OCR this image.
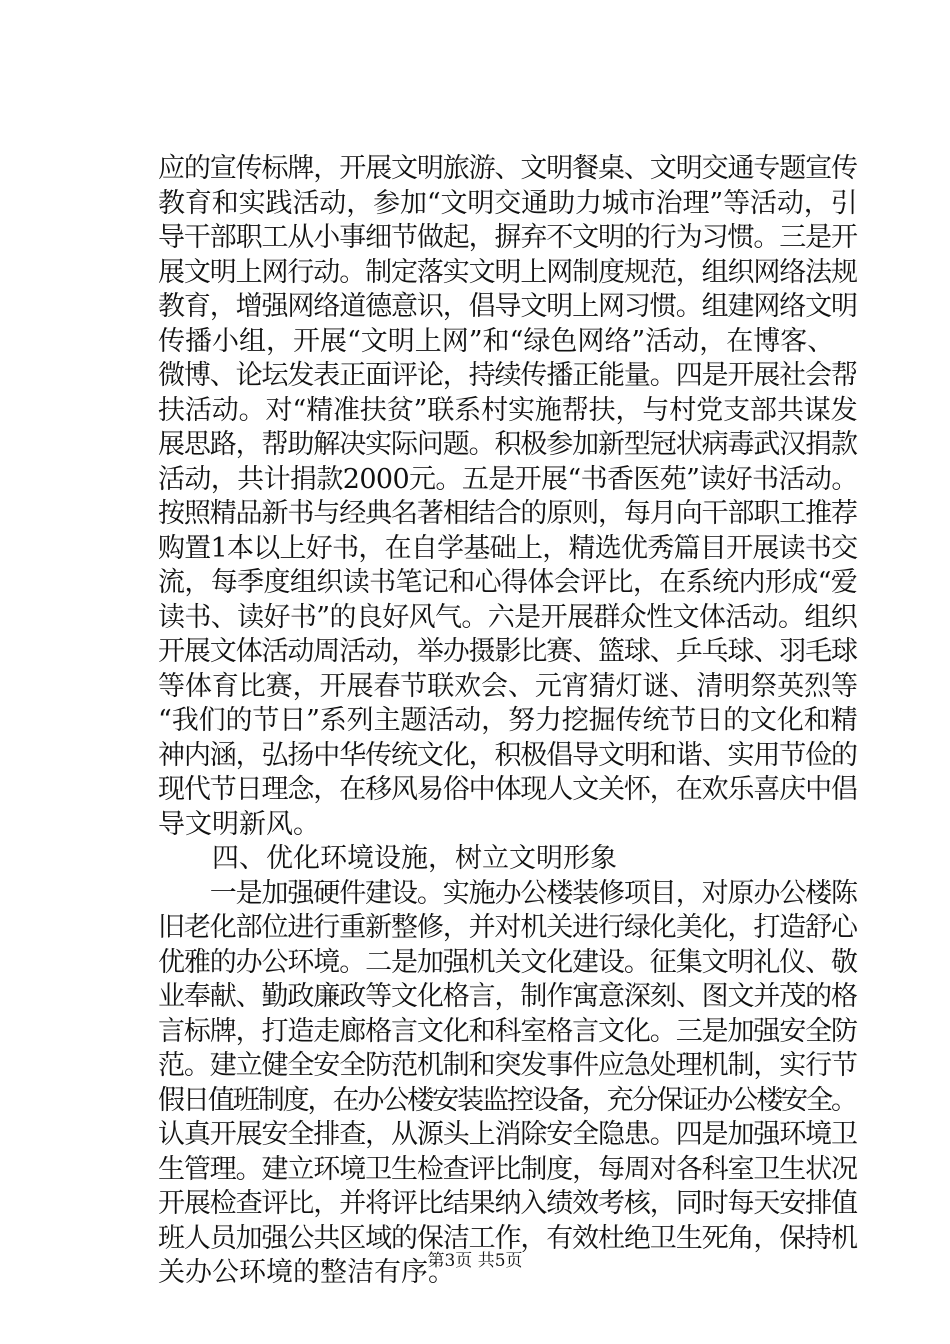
应的宣传标牌，开展文明旅游、文明餐桌、文明交通专题宣传
教育和实践活动，参加“文明交通助力城市治理”等活动，引
导干部职工从小事细节做起，摒弃不文明的行为习惯。三是开
展文明上网行动。制定落实文明上网制度规范，组织网络法规
教育，增强网络道德意识，倡导文明上网习惯。组建网络文明
传播小组，开展“文明上网”和“绿色网络”活动，在博客、
微博、论坛发表正面评论，持续传播正能量。四是开展社会帮
扶活动。对“精准扶贫”联系村实施帮扶，与村党支部共谋发
展思路，帮助解决实际问题。积极参加新型冠状病毒武汉捐款
活动，共计捐款2000元。五是开展“书香医苑”读好书活动。
按照精品新书与经典名著相结合的原则，每月向干部职工推荐
购置1本以上好书，在自学基础上，精选优秀篇目开展读书交
流，每季度组织读书笔记和心得体会评比，在系统内形成“爱
读书、读好书”的良好风气。六是开展群众性文体活动。组织
开展文体活动周活动，举办摄影比赛、篮球、乒乓球、羽毛球
等体育比赛，开展春节联欢会、元宵猜灯谜、清明祭英烈等
“我们的节日”系列主题活动，努力挖掘传统节日的文化和精
神内涵，弘扬中华传统文化，积极倡导文明和谐、实用节俭的
现代节日理念，在移风易俗中体现人文关怀，在欢乐喜庆中倡
导文明新风。
　　四、优化环境设施，树立文明形象
　　一是加强硬件建设。实施办公楼装修项目，对原办公楼陈
旧老化部位进行重新整修，并对机关进行绿化美化，打造舒心
优雅的办公环境。二是加强机关文化建设。征集文明礼仪、敬
业奉献、勤政廉政等文化格言，制作寓意深刻、图文并茂的格
言标牌，打造走廊格言文化和科室格言文化。三是加强安全防
范。建立健全安全防范机制和突发事件应急处理机制，实行节
假日值班制度，在办公楼安装监控设备，充分保证办公楼安全。
认真开展安全排查，从源头上消除安全隐患。四是加强环境卫
生管理。建立环境卫生检查评比制度，每周对各科室卫生状况
开展检查评比，并将评比结果纳入绩效考核，同时每天安排值
班人员加强公共区域的保洁工作，有效杜绝卫生死角，保持机
关办公环境的整洁有序。
第3页 共5页
